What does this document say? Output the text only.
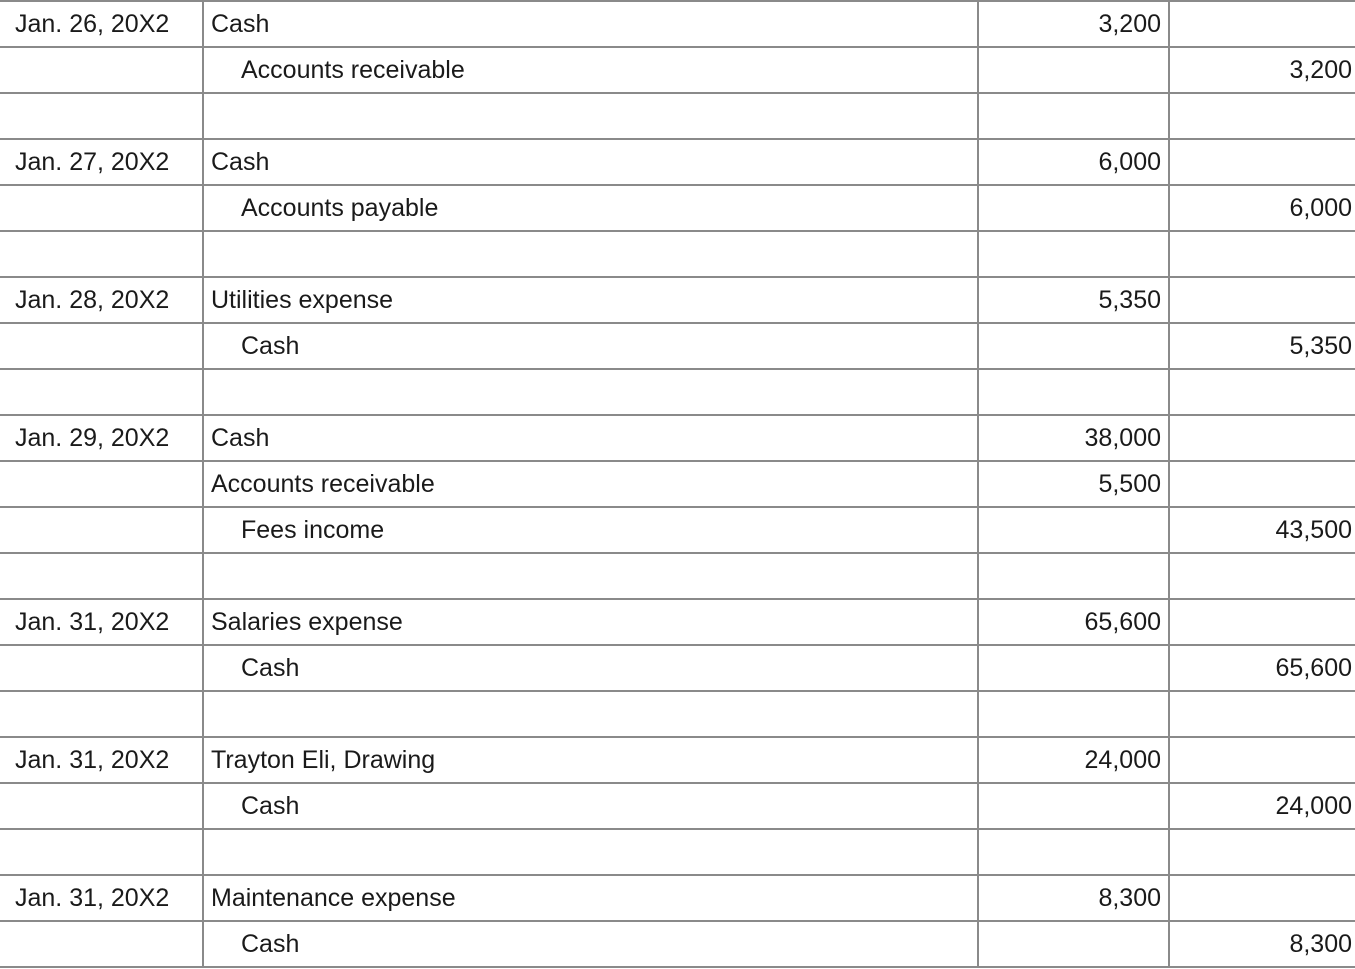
Jan. 26, 20X2	Cash	3,200	
	Accounts receivable		3,200

Jan. 27, 20X2	Cash	6,000	
	Accounts payable		6,000

Jan. 28, 20X2	Utilities expense	5,350	
	Cash		5,350

Jan. 29, 20X2	Cash	38,000	
	Accounts receivable	5,500	
	Fees income		43,500

Jan. 31, 20X2	Salaries expense	65,600	
	Cash		65,600

Jan. 31, 20X2	Trayton Eli, Drawing	24,000	
	Cash		24,000

Jan. 31, 20X2	Maintenance expense	8,300	
	Cash		8,300
